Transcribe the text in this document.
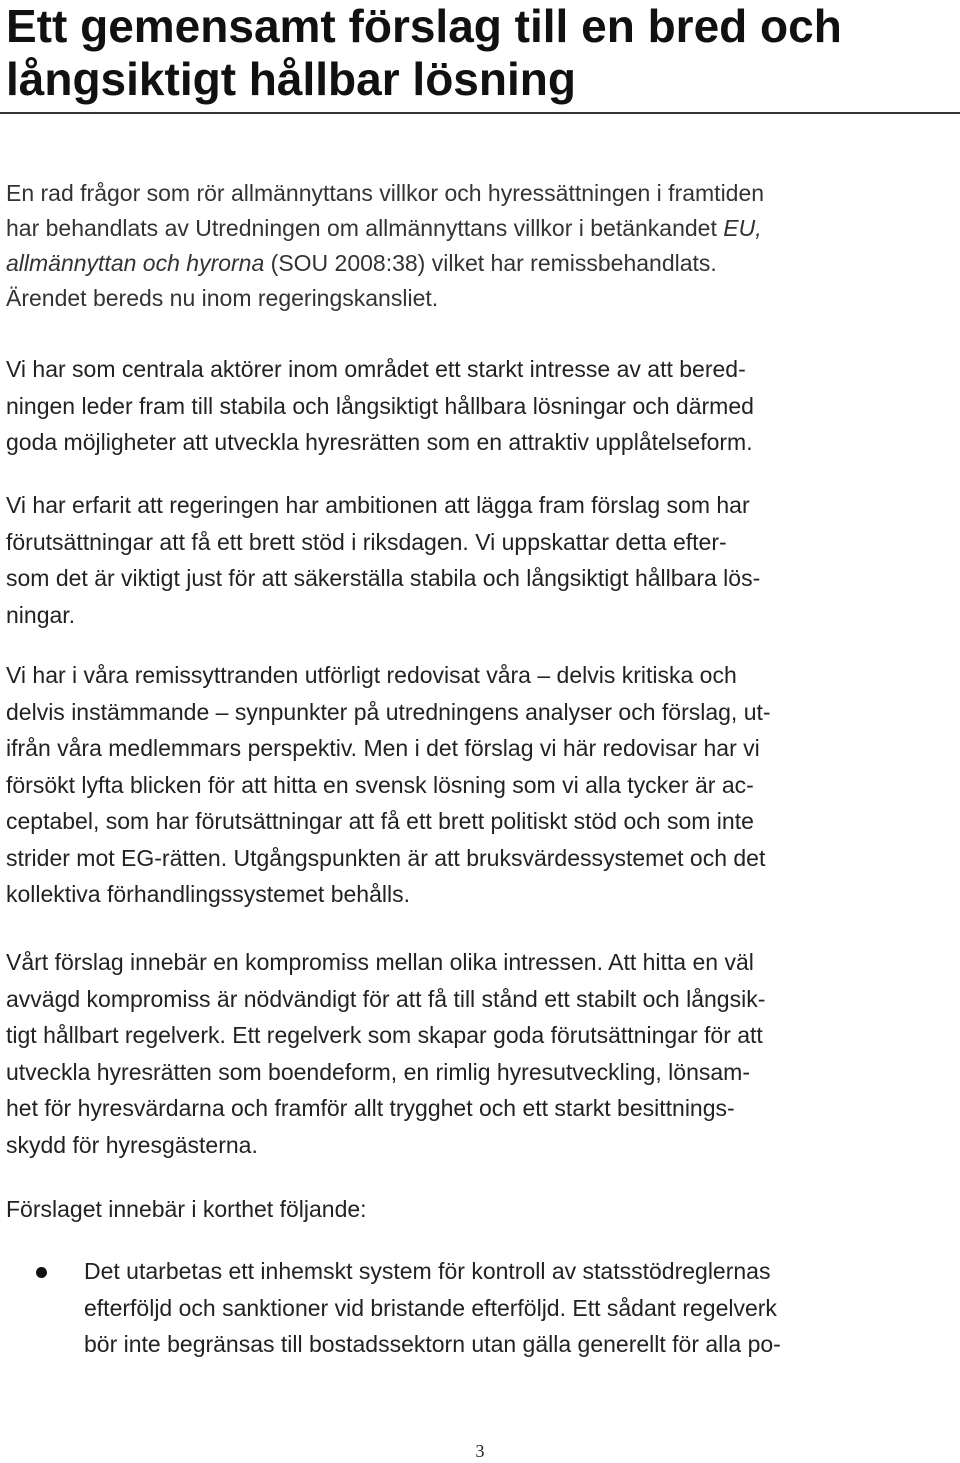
Ett gemensamt förslag till en bred och
långsiktigt hållbar lösning
En rad frågor som rör allmännyttans villkor och hyressättningen i framtiden
har behandlats av Utredningen om allmännyttans villkor i betänkandet EU,
allmännyttan och hyrorna (SOU 2008:38) vilket har remissbehandlats.
Ärendet bereds nu inom regeringskansliet.
Vi har som centrala aktörer inom området ett starkt intresse av att bered-
ningen leder fram till stabila och långsiktigt hållbara lösningar och därmed
goda möjligheter att utveckla hyresrätten som en attraktiv upplåtelseform.
Vi har erfarit att regeringen har ambitionen att lägga fram förslag som har
förutsättningar att få ett brett stöd i riksdagen. Vi uppskattar detta efter-
som det är viktigt just för att säkerställa stabila och långsiktigt hållbara lös-
ningar.
Vi har i våra remissyttranden utförligt redovisat våra – delvis kritiska och
delvis instämmande – synpunkter på utredningens analyser och förslag, ut-
ifrån våra medlemmars perspektiv. Men i det förslag vi här redovisar har vi
försökt lyfta blicken för att hitta en svensk lösning som vi alla tycker är ac-
ceptabel, som har förutsättningar att få ett brett politiskt stöd och som inte
strider mot EG-rätten. Utgångspunkten är att bruksvärdessystemet och det
kollektiva förhandlingssystemet behålls.
Vårt förslag innebär en kompromiss mellan olika intressen. Att hitta en väl
avvägd kompromiss är nödvändigt för att få till stånd ett stabilt och långsik-
tigt hållbart regelverk. Ett regelverk som skapar goda förutsättningar för att
utveckla hyresrätten som boendeform, en rimlig hyresutveckling, lönsam-
het för hyresvärdarna och framför allt trygghet och ett starkt besittnings-
skydd för hyresgästerna.
Förslaget innebär i korthet följande:
Det utarbetas ett inhemskt system för kontroll av statsstödreglernas
efterföljd och sanktioner vid bristande efterföljd. Ett sådant regelverk
bör inte begränsas till bostadssektorn utan gälla generellt för alla po-
3
